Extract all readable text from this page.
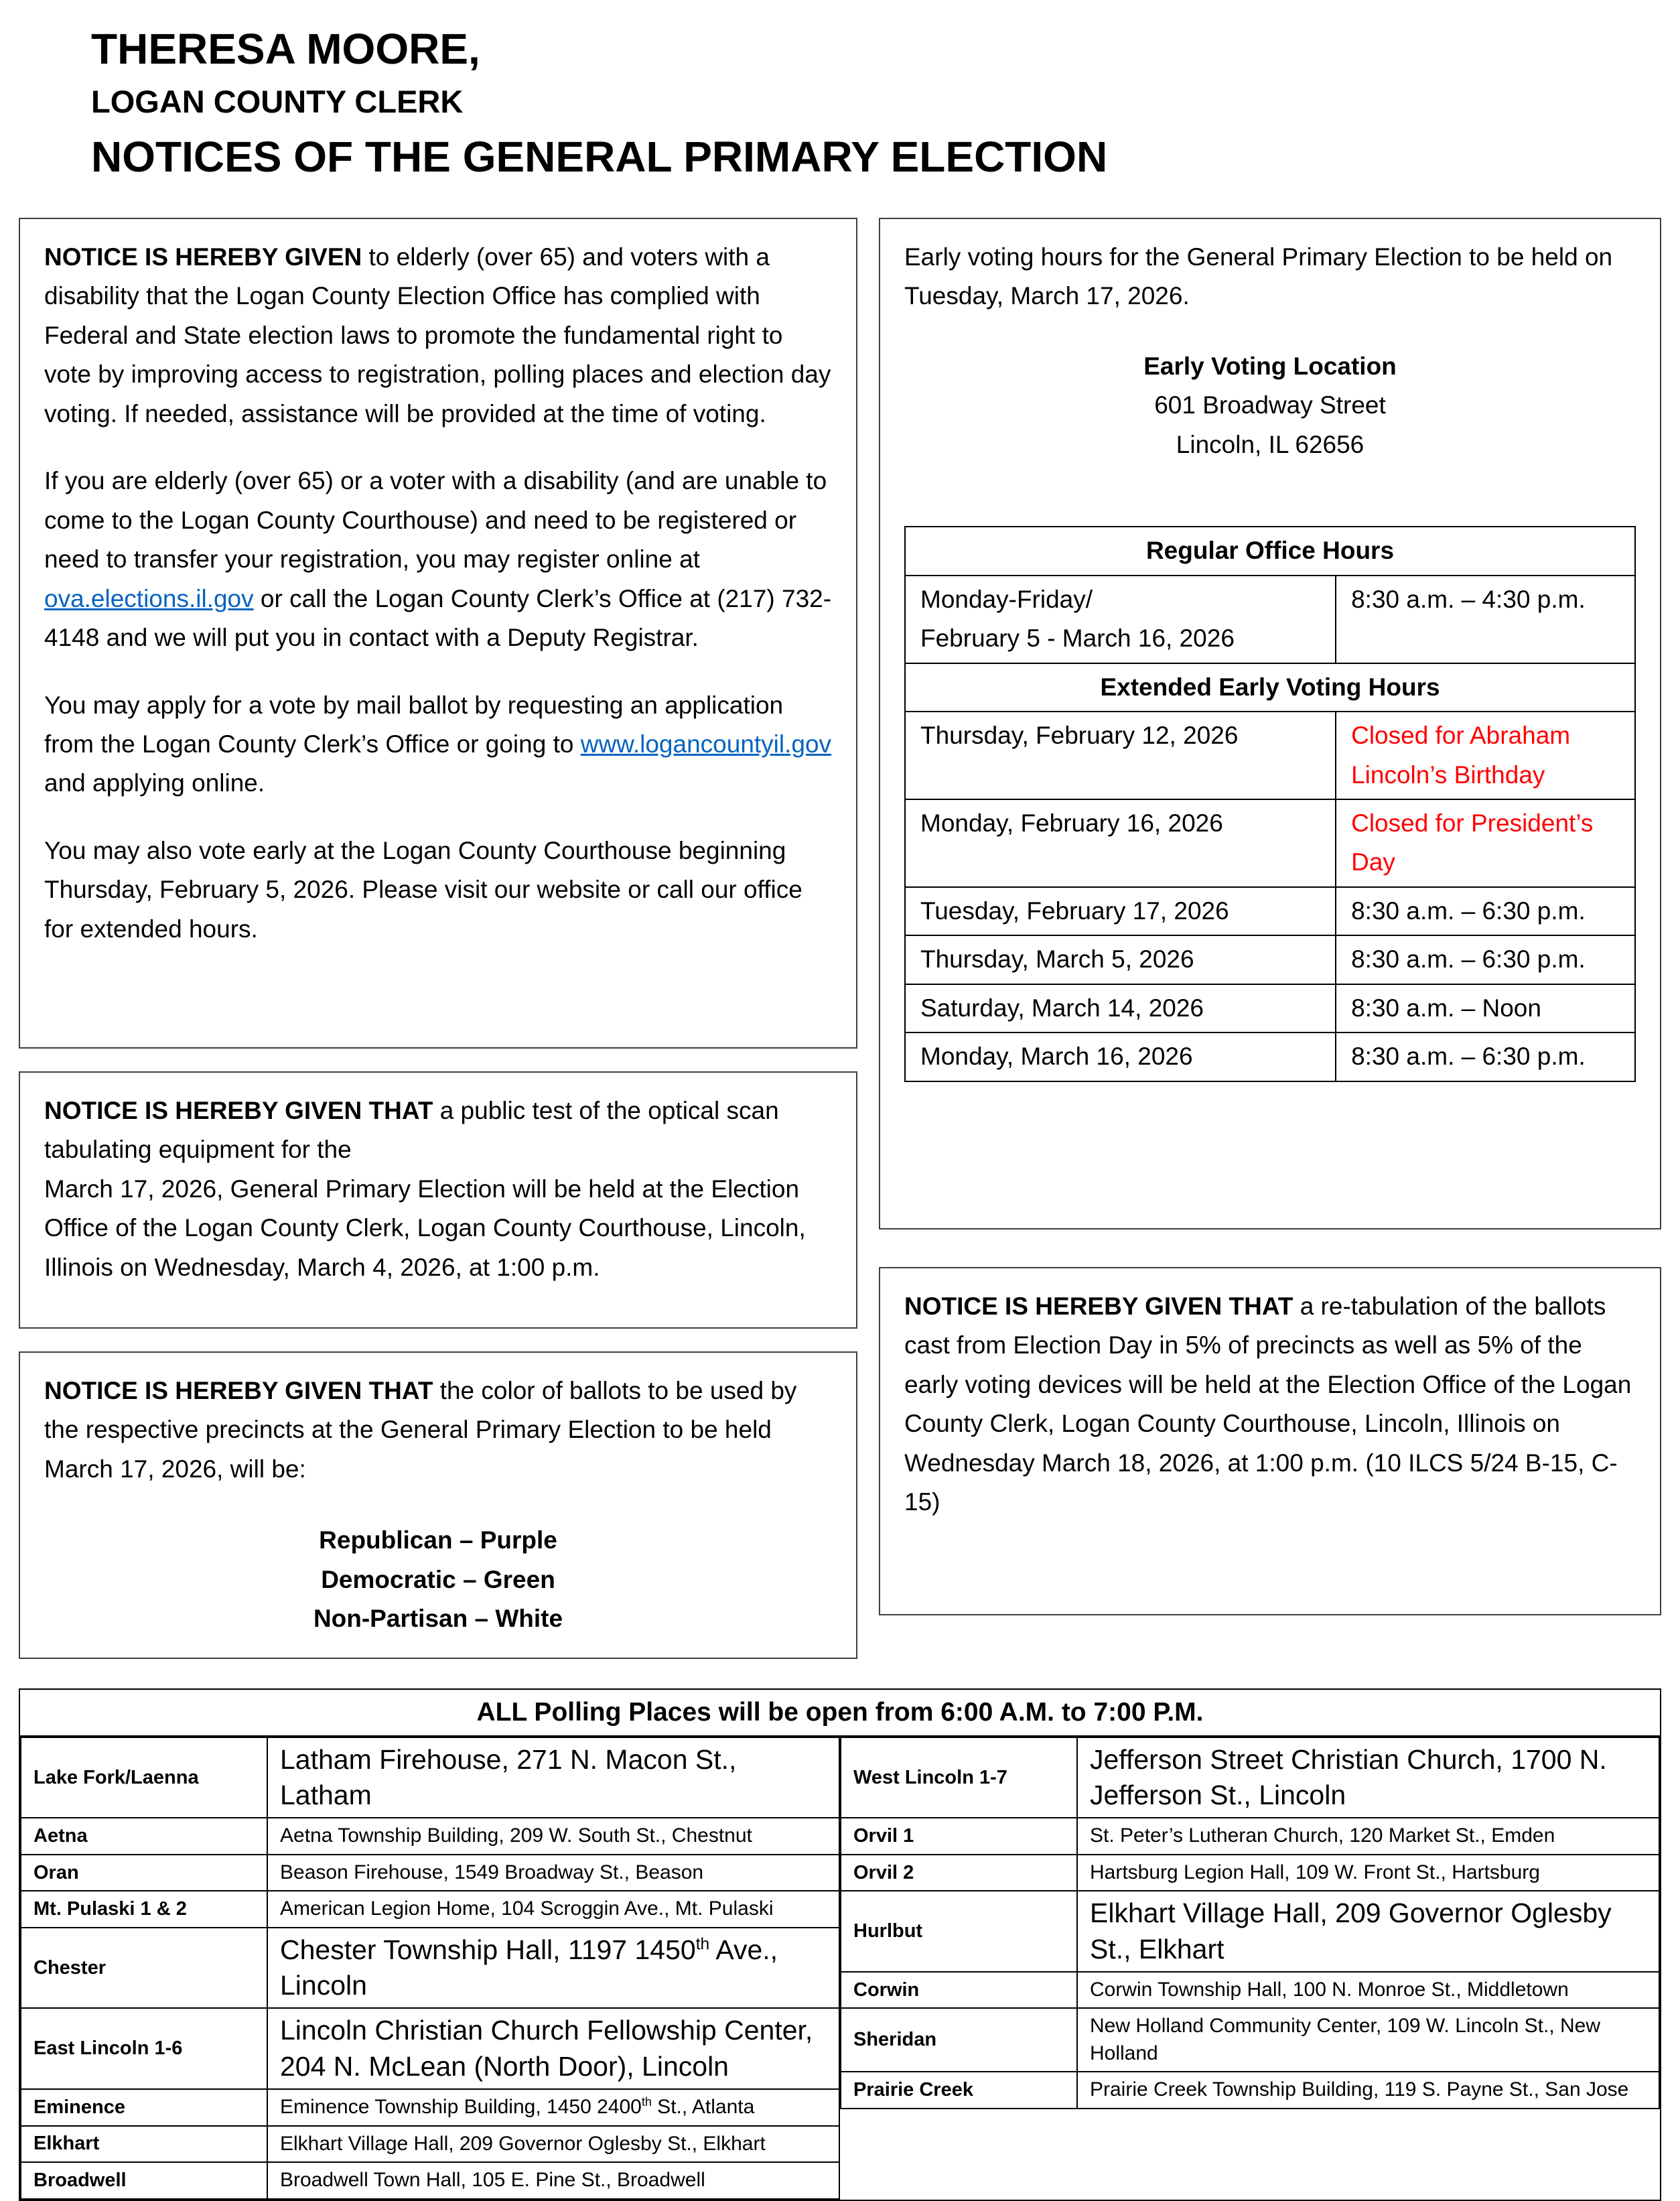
THERESA MOORE,
LOGAN COUNTY CLERK
NOTICES OF THE GENERAL PRIMARY ELECTION

NOTICE IS HEREBY GIVEN to elderly (over 65) and voters with a disability that the Logan County Election Office has complied with Federal and State election laws to promote the fundamental right to vote by improving access to registration, polling places and election day voting. If needed, assistance will be provided at the time of voting.

If you are elderly (over 65) or a voter with a disability (and are unable to come to the Logan County Courthouse) and need to be registered or need to transfer your registration, you may register online at ova.elections.il.gov or call the Logan County Clerk’s Office at (217) 732-4148 and we will put you in contact with a Deputy Registrar.

You may apply for a vote by mail ballot by requesting an application from the Logan County Clerk’s Office or going to www.logancountyil.gov and applying online.

You may also vote early at the Logan County Courthouse beginning Thursday, February 5, 2026. Please visit our website or call our office for extended hours.

NOTICE IS HEREBY GIVEN THAT a public test of the optical scan tabulating equipment for the
March 17, 2026, General Primary Election will be held at the Election Office of the Logan County Clerk, Logan County Courthouse, Lincoln, Illinois on Wednesday, March 4, 2026, at 1:00 p.m.

NOTICE IS HEREBY GIVEN THAT the color of ballots to be used by the respective precincts at the General Primary Election to be held March 17, 2026, will be:

Republican – Purple
Democratic – Green
Non-Partisan – White

Early voting hours for the General Primary Election to be held on Tuesday, March 17, 2026.

Early Voting Location
601 Broadway Street
Lincoln, IL 62656
Regular Office Hours	
Monday-Friday/
February 5 - March 16, 2026	8:30 a.m. – 4:30 p.m.
Extended Early Voting Hours	
Thursday, February 12, 2026	Closed for Abraham Lincoln’s Birthday
Monday, February 16, 2026	Closed for President’s Day
Tuesday, February 17, 2026	8:30 a.m. – 6:30 p.m.
Thursday, March 5, 2026	8:30 a.m. – 6:30 p.m.
Saturday, March 14, 2026	8:30 a.m. – Noon
Monday, March 16, 2026	8:30 a.m. – 6:30 p.m.

NOTICE IS HEREBY GIVEN THAT a re-tabulation of the ballots cast from Election Day in 5% of precincts as well as 5% of the early voting devices will be held at the Election Office of the Logan County Clerk, Logan County Courthouse, Lincoln, Illinois on Wednesday March 18, 2026, at 1:00 p.m. (10 ILCS 5/24 B-15, C-15)

ALL Polling Places will be open from 6:00 A.M. to 7:00 P.M.
Lake Fork/Laenna	Latham Firehouse, 271 N. Macon St., Latham
Aetna	Aetna Township Building, 209 W. South St., Chestnut
Oran	Beason Firehouse, 1549 Broadway St., Beason
Mt. Pulaski 1 & 2	American Legion Home, 104 Scroggin Ave., Mt. Pulaski
Chester	Chester Township Hall, 1197 1450th Ave., Lincoln
East Lincoln 1-6	Lincoln Christian Church Fellowship Center, 204 N. McLean (North Door), Lincoln
Eminence	Eminence Township Building, 1450 2400th St., Atlanta
Elkhart	Elkhart Village Hall, 209 Governor Oglesby St., Elkhart
Broadwell	Broadwell Town Hall, 105 E. Pine St., Broadwell
West Lincoln 1-7	Jefferson Street Christian Church, 1700 N. Jefferson St., Lincoln
Orvil 1	St. Peter’s Lutheran Church, 120 Market St., Emden
Orvil 2	Hartsburg Legion Hall, 109 W. Front St., Hartsburg
Hurlbut	Elkhart Village Hall, 209 Governor Oglesby St., Elkhart
Corwin	Corwin Township Hall, 100 N. Monroe St., Middletown
Sheridan	New Holland Community Center, 109 W. Lincoln St., New Holland
Prairie Creek	Prairie Creek Township Building, 119 S. Payne St., San Jose
